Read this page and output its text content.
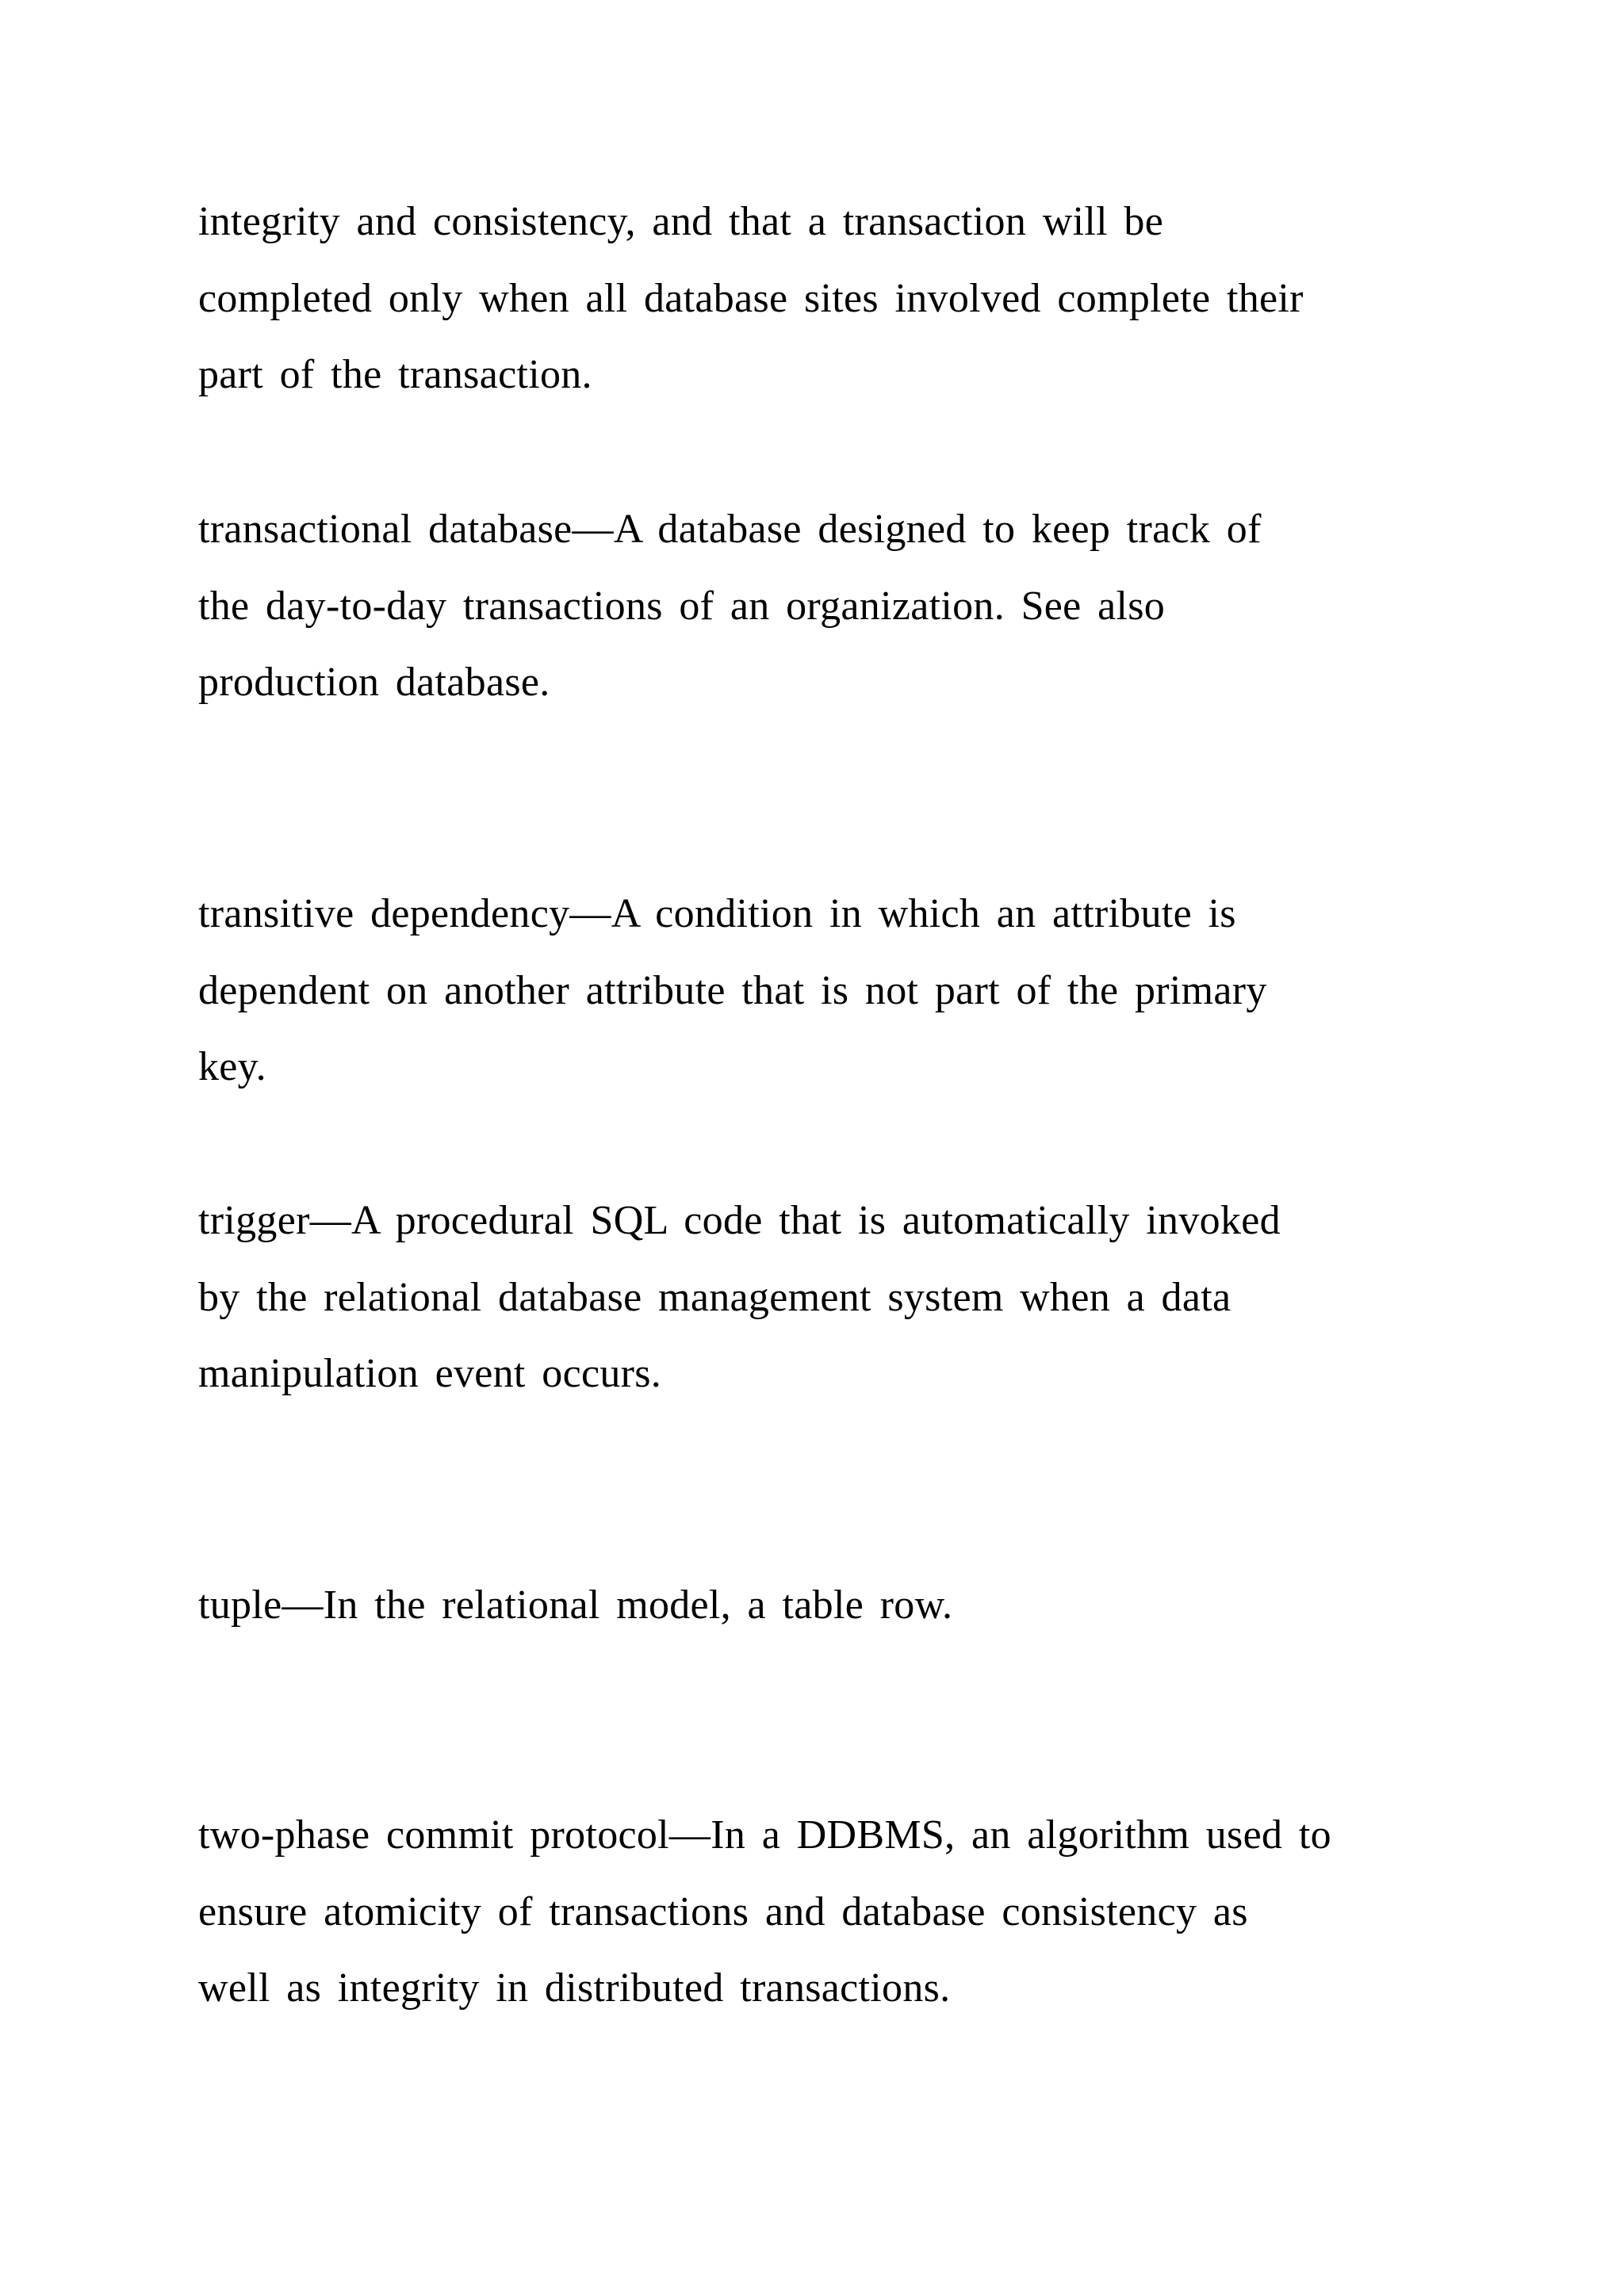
integrity and consistency, and that a transaction will be
completed only when all database sites involved complete their
part of the transaction.

transactional database—A database designed to keep track of
the day-to-day transactions of an organization. See also
production database.

transitive dependency—A condition in which an attribute is
dependent on another attribute that is not part of the primary
key.

trigger—A procedural SQL code that is automatically invoked
by the relational database management system when a data
manipulation event occurs.

tuple—In the relational model, a table row.

two-phase commit protocol—In a DDBMS, an algorithm used to
ensure atomicity of transactions and database consistency as
well as integrity in distributed transactions.
